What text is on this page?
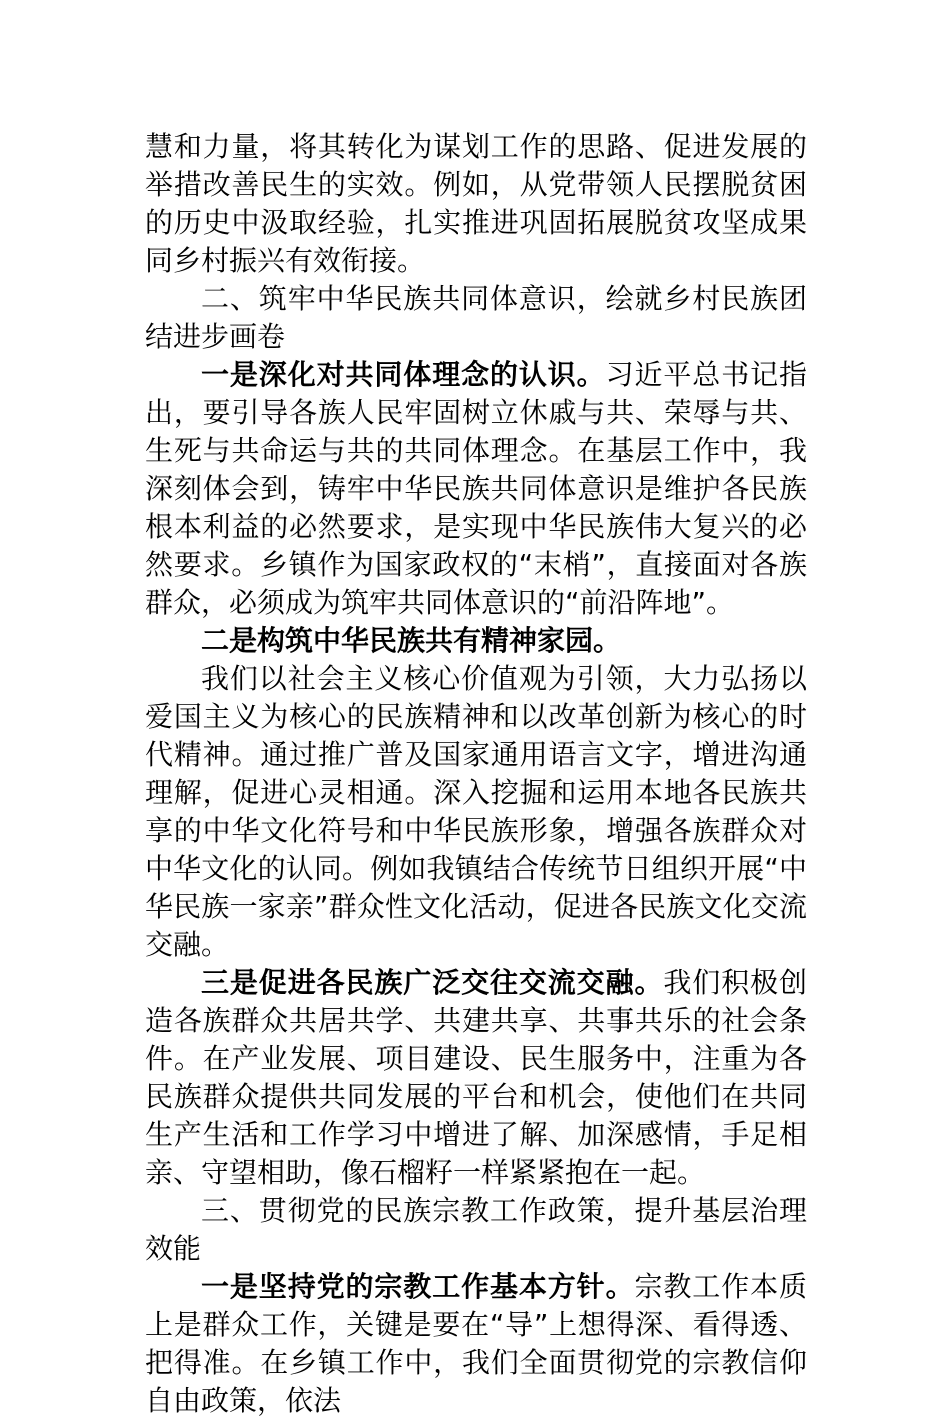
慧和力量，将其转化为谋划工作的思路、促进发展的举措改善民生的实效。例如，从党带领人民摆脱贫困的历史中汲取经验，扎实推进巩固拓展脱贫攻坚成果同乡村振兴有效衔接。

二、筑牢中华民族共同体意识，绘就乡村民族团结进步画卷

一是深化对共同体理念的认识。习近平总书记指出，要引导各族人民牢固树立休戚与共、荣辱与共、生死与共命运与共的共同体理念。在基层工作中，我深刻体会到，铸牢中华民族共同体意识是维护各民族根本利益的必然要求，是实现中华民族伟大复兴的必然要求。乡镇作为国家政权的“末梢”，直接面对各族群众，必须成为筑牢共同体意识的“前沿阵地”。

二是构筑中华民族共有精神家园。

我们以社会主义核心价值观为引领，大力弘扬以爱国主义为核心的民族精神和以改革创新为核心的时代精神。通过推广普及国家通用语言文字，增进沟通理解，促进心灵相通。深入挖掘和运用本地各民族共享的中华文化符号和中华民族形象，增强各族群众对中华文化的认同。例如我镇结合传统节日组织开展“中华民族一家亲”群众性文化活动，促进各民族文化交流交融。

三是促进各民族广泛交往交流交融。我们积极创造各族群众共居共学、共建共享、共事共乐的社会条件。在产业发展、项目建设、民生服务中，注重为各民族群众提供共同发展的平台和机会，使他们在共同生产生活和工作学习中增进了解、加深感情，手足相亲、守望相助，像石榴籽一样紧紧抱在一起。

三、贯彻党的民族宗教工作政策，提升基层治理效能

一是坚持党的宗教工作基本方针。宗教工作本质上是群众工作，关键是要在“导”上想得深、看得透、把得准。在乡镇工作中，我们全面贯彻党的宗教信仰自由政策，依法
